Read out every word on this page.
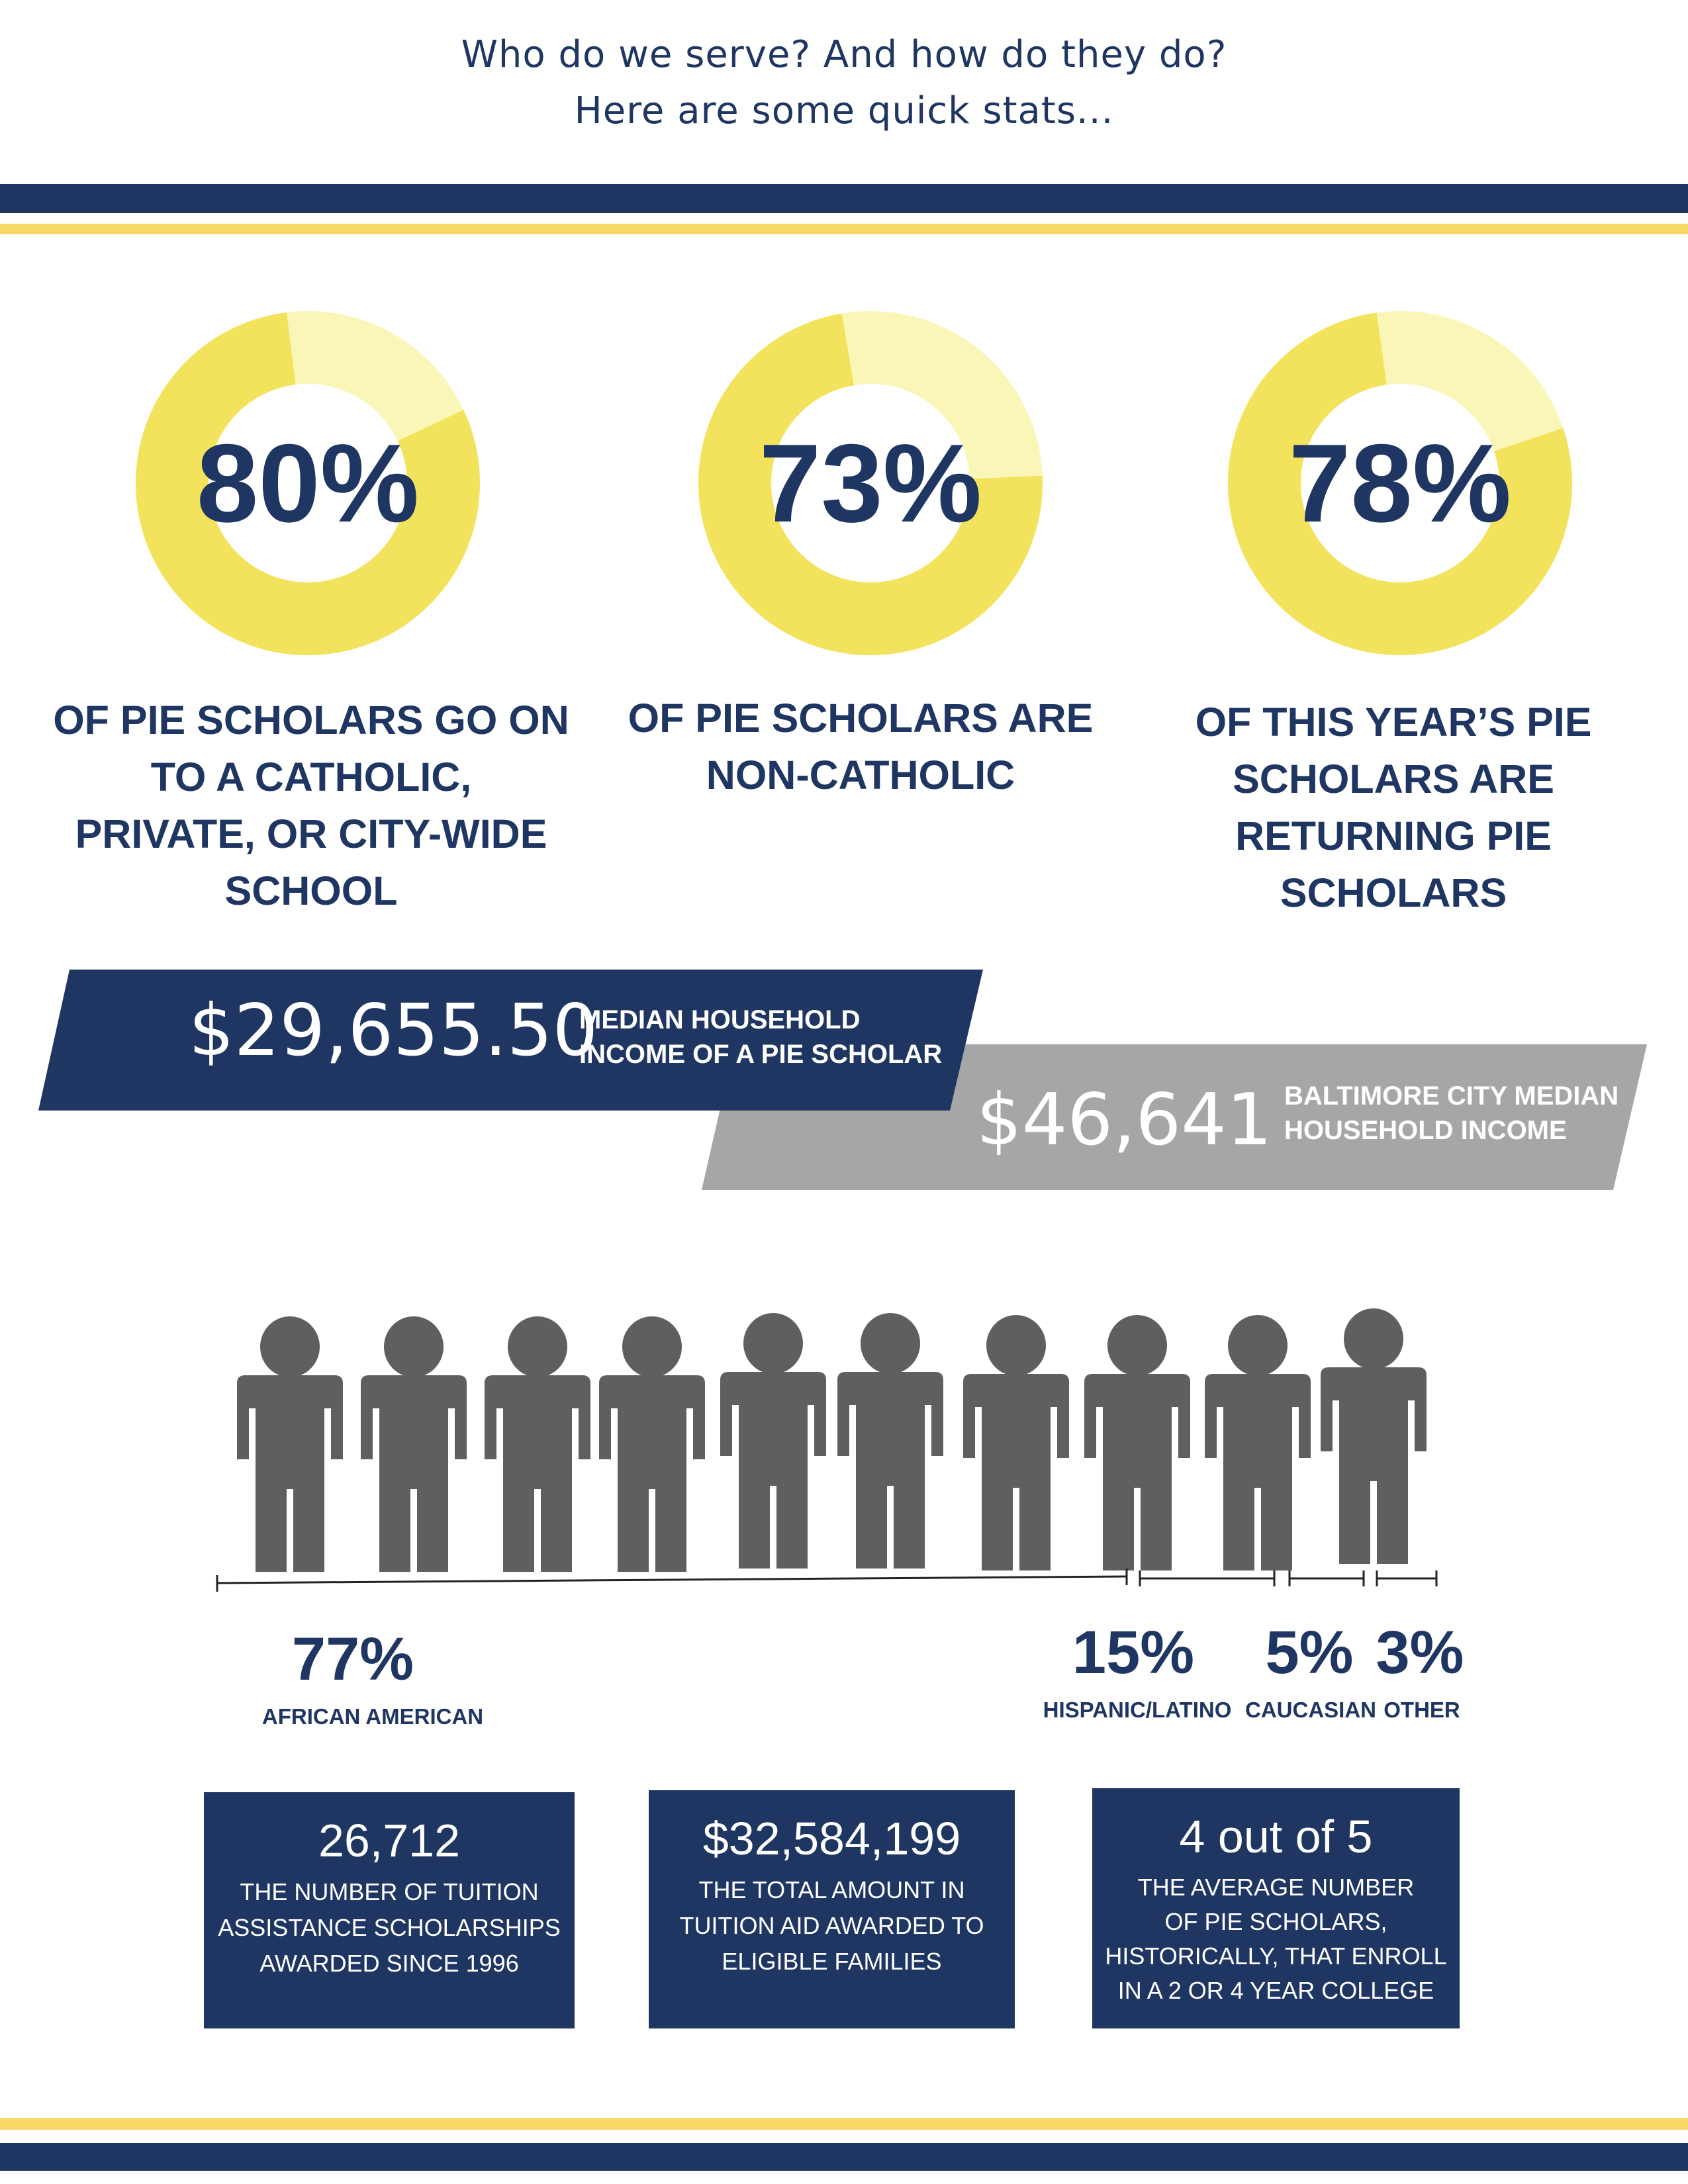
Who do we serve? And how do they do?
Here are some quick stats...
80%	73%	78%
OF PIE SCHOLARS GO ON
TO A CATHOLIC,
PRIVATE, OR CITY-WIDE
SCHOOL
OF PIE SCHOLARS ARE
NON-CATHOLIC
OF THIS YEAR’S PIE
SCHOLARS ARE
RETURNING PIE
SCHOLARS
$29,655.50
MEDIAN HOUSEHOLD
INCOME OF A PIE SCHOLAR
$46,641 BALTIMORE CITY MEDIAN
HOUSEHOLD INCOME
77%
AFRICAN AMERICAN
15%
HISPANIC/LATINO
5%
CAUCASIAN
3%
OTHER
26,712
THE NUMBER OF TUITION
ASSISTANCE SCHOLARSHIPS
AWARDED SINCE 1996
$32,584,199
THE TOTAL AMOUNT IN
TUITION AID AWARDED TO
ELIGIBLE FAMILIES
4 out of 5
THE AVERAGE NUMBER
OF PIE SCHOLARS,
HISTORICALLY, THAT ENROLL
IN A 2 OR 4 YEAR COLLEGE
